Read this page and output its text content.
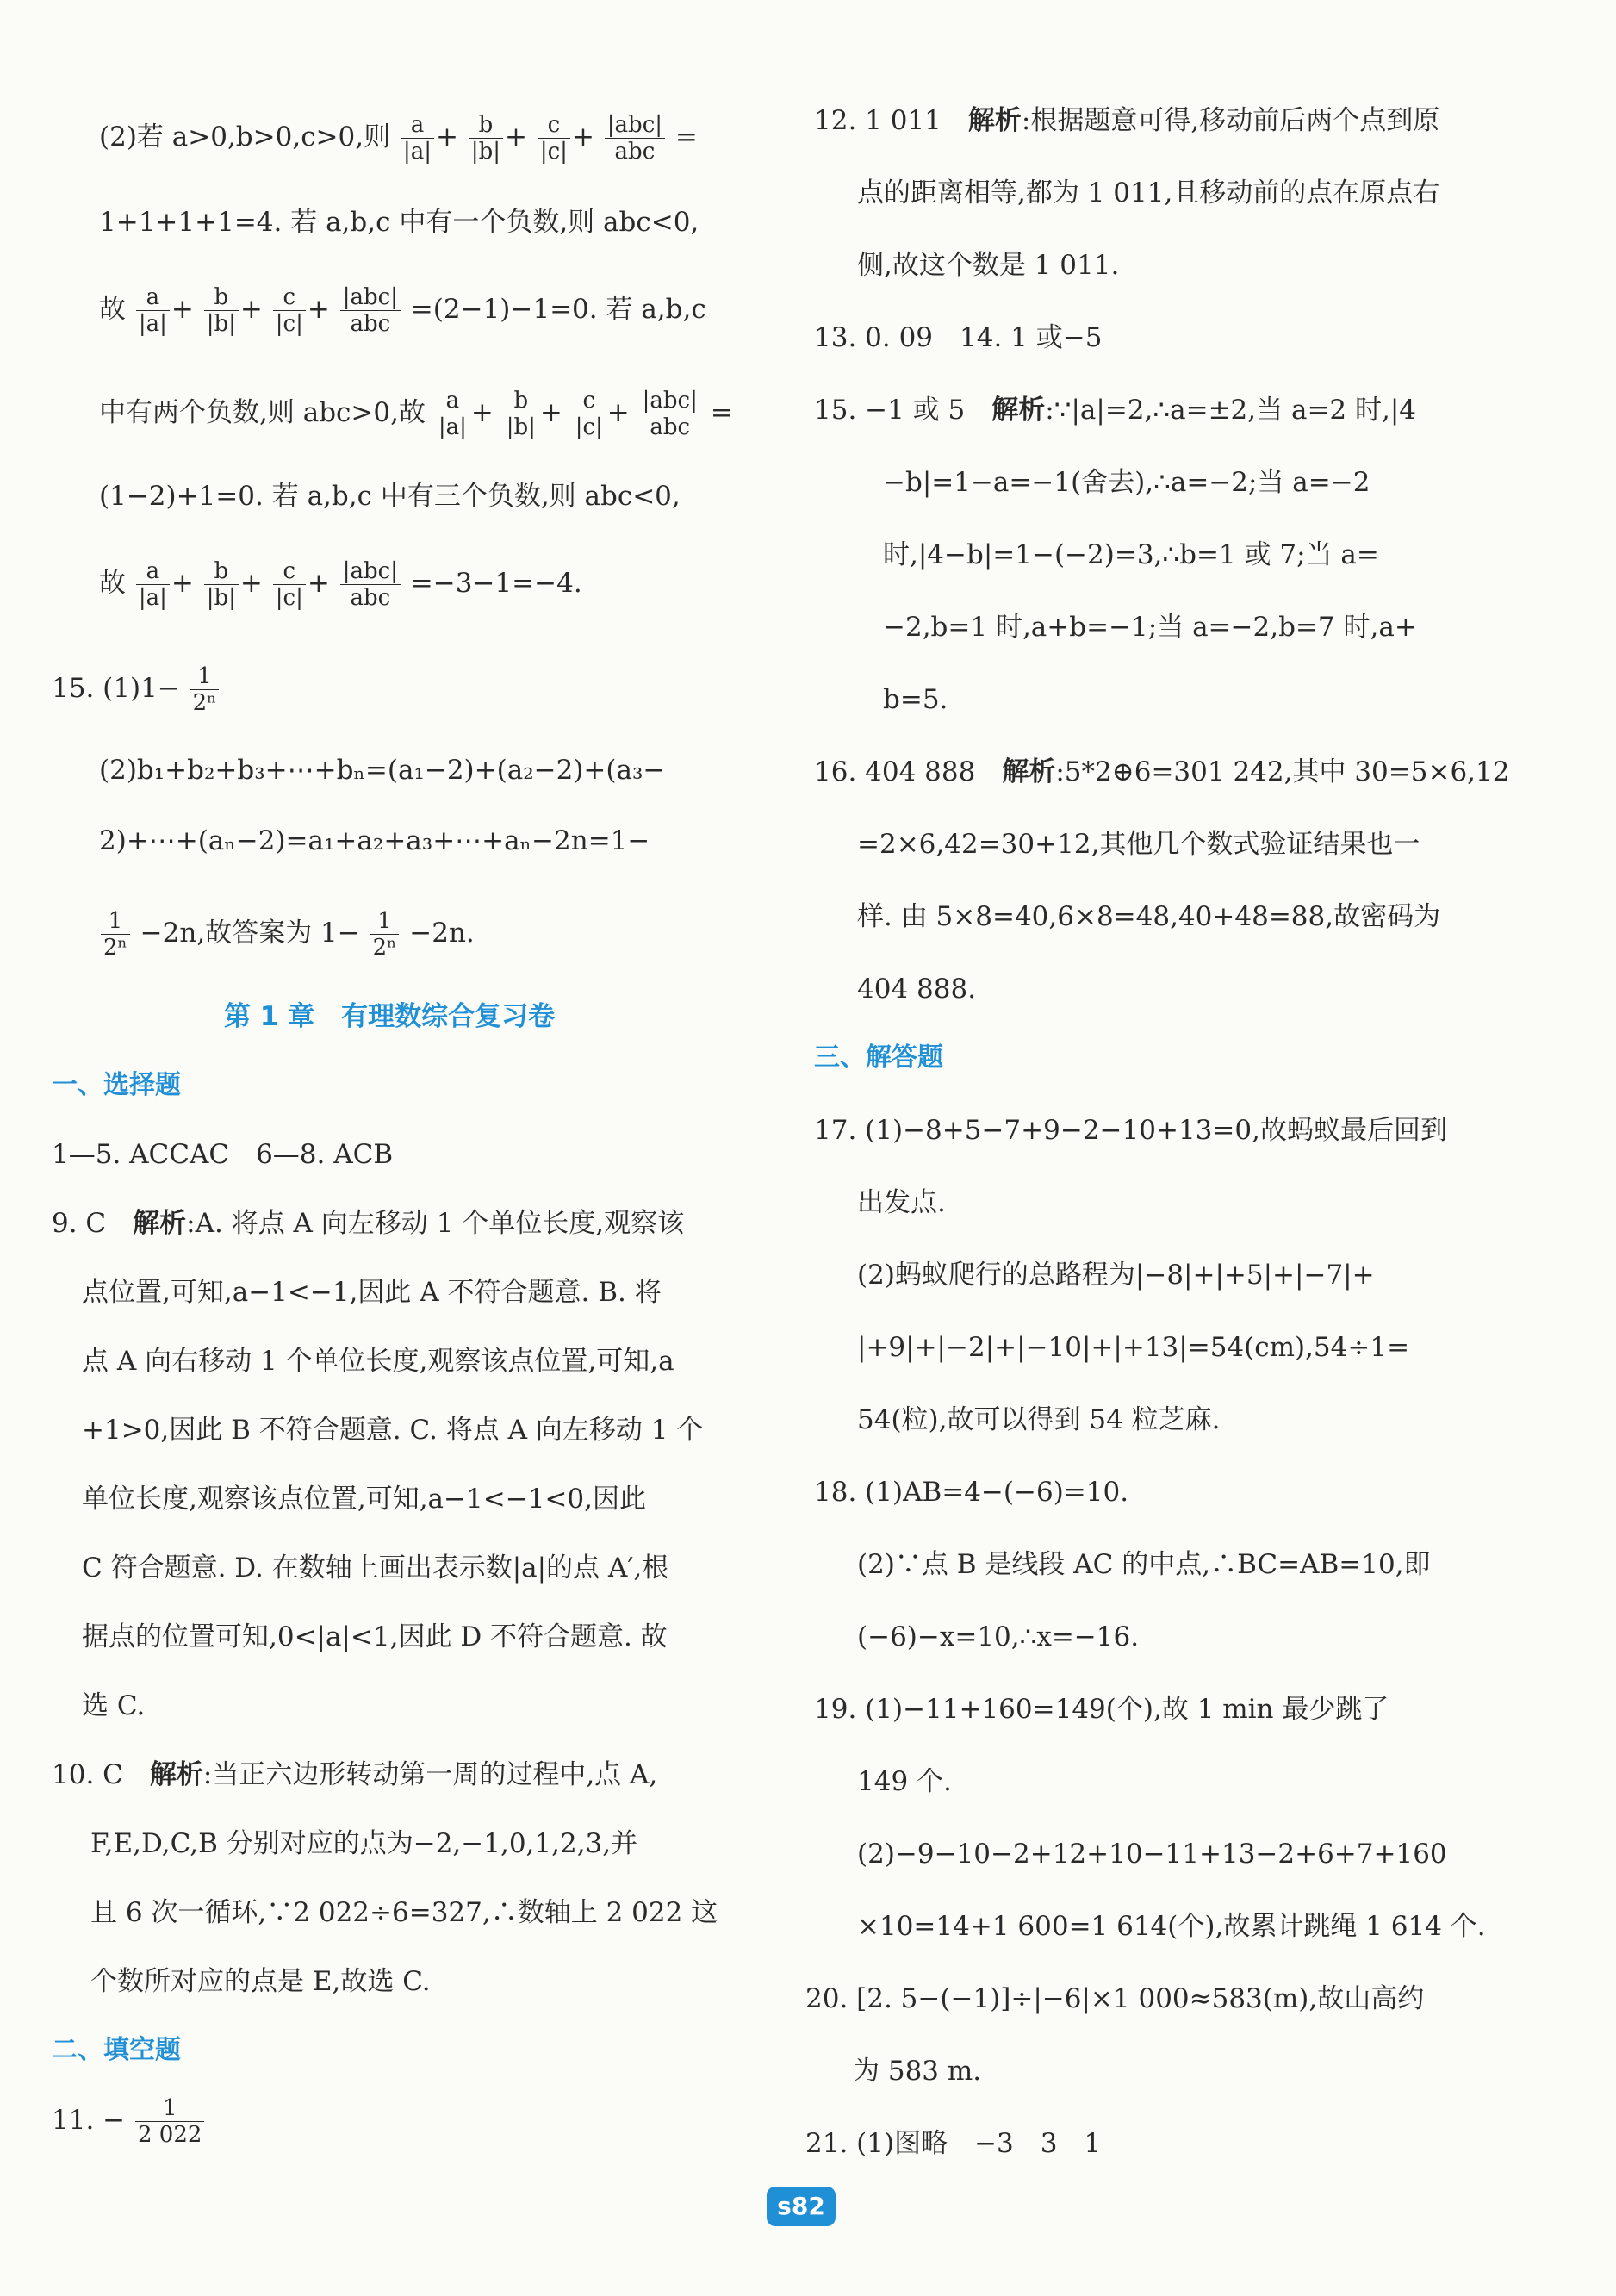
(2)若 a>0,b>0,c>0,则 $\frac{a}{|a|} + \frac{b}{|b|} + \frac{c}{|c|} + \frac{\text{|abc|}}{\text{abc}}$ =
1+1+1+1=4. 若 a,b,c 中有一个负数,则 abc<0,
故 $\frac{a}{|a|} + \frac{b}{|b|} + \frac{c}{|c|} + \frac{\text{|abc|}}{\text{abc}} =(2-1)-1=0$. 若 a,b,c
中有两个负数,则 abc>0,故 $\frac{a}{|a|} + \frac{b}{|b|} + \frac{c}{|c|} + \frac{\text{|abc|}}{\text{abc}}$ =
(1−2)+1=0. 若 a,b,c 中有三个负数,则 abc<0,
故 $\frac{a}{|a|} + \frac{b}{|b|} + \frac{c}{|c|} + \frac{\text{|abc|}}{\text{abc}} =-3-1=-4$.
15. $(1)1- \frac{1}{\text{2ⁿ}}$
(2)b₁+b₂+b₃+⋯+bₙ=(a₁−2)+(a₂−2)+(a₃−
2)+⋯+(aₙ−2)=a₁+a₂+a₃+⋯+aₙ−2n=1−
$\frac{1}{\text{2ⁿ}} -2n$,故答案为 $1- \frac{1}{\text{2ⁿ}} -2n$.
第 1 章　有理数综合复习卷
一、选择题
1—5. ACCAC　6—8. ACB
9. C　 解析:A. 将点 A 向左移动 1 个单位长度,观察该
点位置,可知,a−1<−1,因此 A 不符合题意. B. 将
点 A 向右移动 1 个单位长度,观察该点位置,可知,a
+1>0,因此 B 不符合题意. C. 将点 A 向左移动 1 个
单位长度,观察该点位置,可知,a−1<−1<0,因此
C 符合题意. D. 在数轴上画出表示数|a|的点 A′,根
据点的位置可知,0<|a|<1,因此 D 不符合题意. 故
选 C.
10. C　 解析:当正六边形转动第一周的过程中,点 A,
F,E,D,C,B 分别对应的点为−2,−1,0,1,2,3,并
且 6 次一循环,∵2 022÷6=327,∴数轴上 2 022 这
个数所对应的点是 E,故选 C.
二、填空题
11. − $\frac{1}{2 022}$
12. 1 011　 解析:根据题意可得,移动前后两个点到原
点的距离相等,都为 1 011,且移动前的点在原点右
侧,故这个数是 1 011.
13. 0. 09　14. 1 或−5
15. −1 或 5　 解析:∵|a|=2,∴a=±2,当 a=2 时,|4
−b|=1−a=−1(舍去),∴a=−2;当 a=−2
时,|4−b|=1−(−2)=3,∴b=1 或 7;当 a=
−2,b=1 时,a+b=−1;当 a=−2,b=7 时,a+
b=5.
16. 404 888　 解析:5*2⊕6=301 242,其中 30=5×6,12
=2×6,42=30+12,其他几个数式验证结果也一
样. 由 5×8=40,6×8=48,40+48=88,故密码为
404 888.
三、解答题
17. (1)−8+5−7+9−2−10+13=0,故蚂蚁最后回到
出发点.
(2)蚂蚁爬行的总路程为|−8|+|+5|+|−7|+
|+9|+|−2|+|−10|+|+13|=54(cm),54÷1=
54(粒),故可以得到 54 粒芝麻.
18. (1)AB=4−(−6)=10.
(2)∵点 B 是线段 AC 的中点,∴BC=AB=10,即
(−6)−x=10,∴x=−16.
19. (1)−11+160=149(个),故 1 min 最少跳了
149 个.
(2)−9−10−2+12+10−11+13−2+6+7+160
×10=14+1 600=1 614(个),故累计跳绳 1 614 个.
20. [2. 5−(−1)]÷|−6|×1 000≈583(m),故山高约
为 583 m.
21. (1)图略　−3　3　1
s82
